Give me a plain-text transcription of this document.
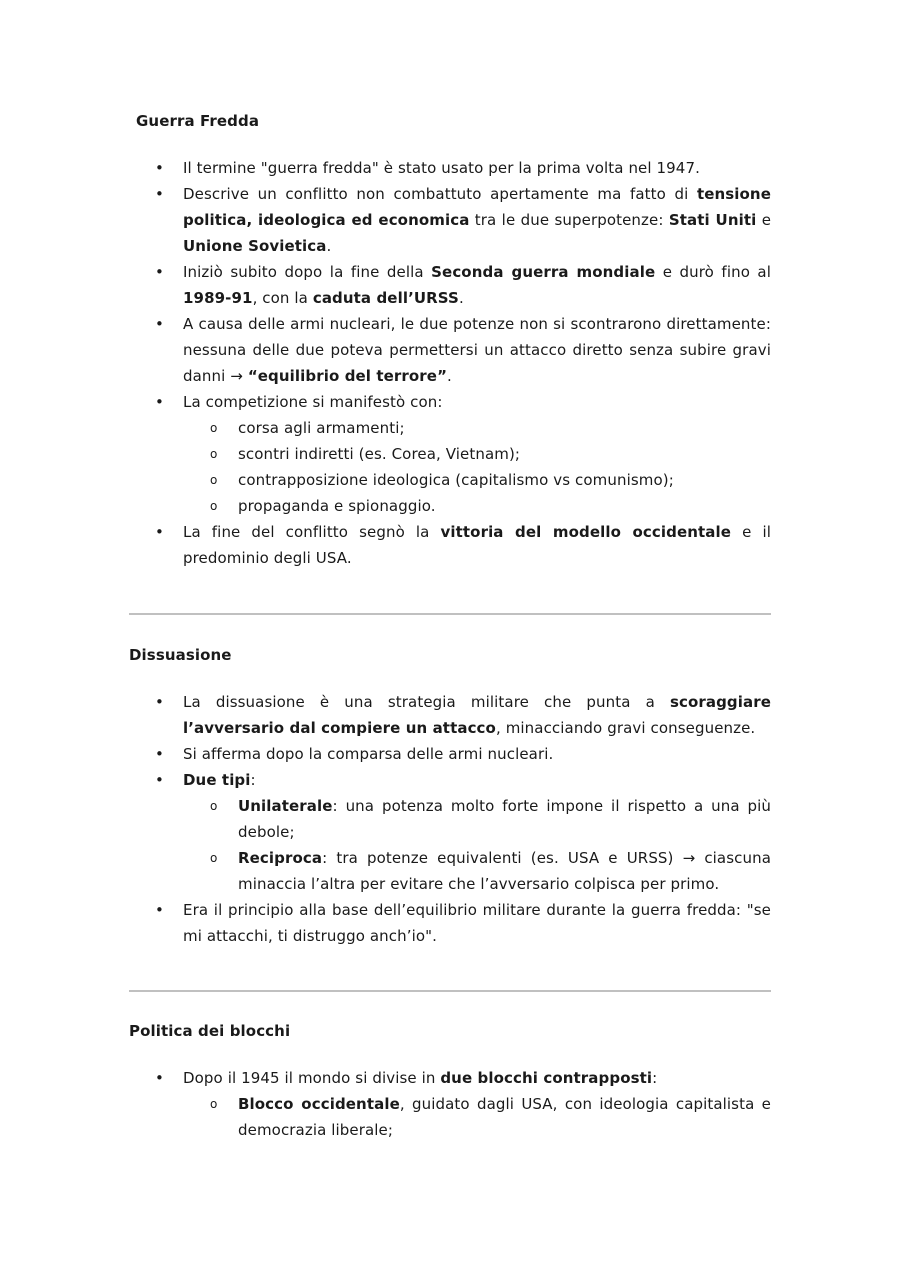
Guerra Fredda
• Il termine "guerra fredda" è stato usato per la prima volta nel 1947.
• Descrive un conflitto non combattuto apertamente ma fatto di tensione politica, ideologica ed economica tra le due superpotenze: Stati Uniti e Unione Sovietica.
• Iniziò subito dopo la fine della Seconda guerra mondiale e durò fino al 1989-91, con la caduta dell’URSS.
• A causa delle armi nucleari, le due potenze non si scontrarono direttamente: nessuna delle due poteva permettersi un attacco diretto senza subire gravi danni → “equilibrio del terrore”.
• La competizione si manifestò con:
o corsa agli armamenti;
o scontri indiretti (es. Corea, Vietnam);
o contrapposizione ideologica (capitalismo vs comunismo);
o propaganda e spionaggio.
• La fine del conflitto segnò la vittoria del modello occidentale e il predominio degli USA.
Dissuasione
• La dissuasione è una strategia militare che punta a scoraggiare l’avversario dal compiere un attacco, minacciando gravi conseguenze.
• Si afferma dopo la comparsa delle armi nucleari.
• Due tipi:
o Unilaterale: una potenza molto forte impone il rispetto a una più debole;
o Reciproca: tra potenze equivalenti (es. USA e URSS) → ciascuna minaccia l’altra per evitare che l’avversario colpisca per primo.
• Era il principio alla base dell’equilibrio militare durante la guerra fredda: "se mi attacchi, ti distruggo anch’io".
Politica dei blocchi
• Dopo il 1945 il mondo si divise in due blocchi contrapposti:
o Blocco occidentale, guidato dagli USA, con ideologia capitalista e democrazia liberale;
